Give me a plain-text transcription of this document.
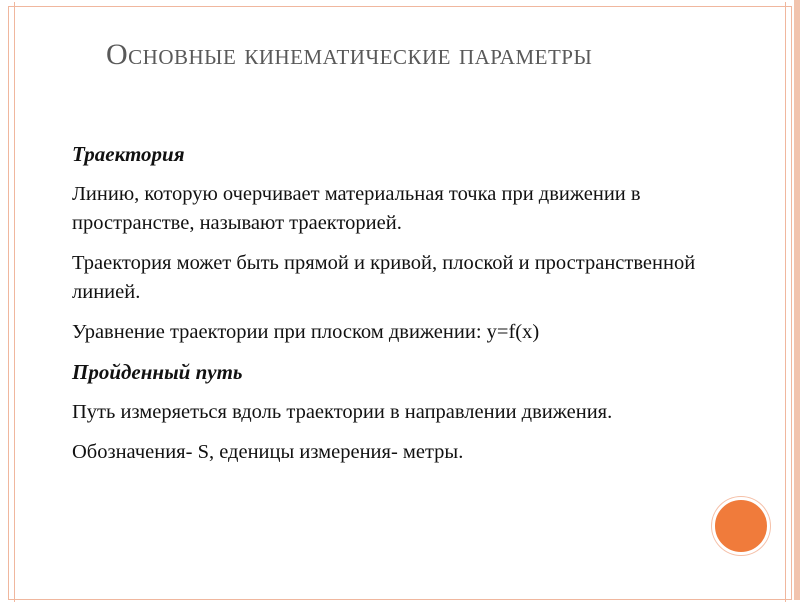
Основные кинематические параметры
Траектория
Линию, которую очерчивает материальная точка при движении в пространстве, называют траекторией.
Траектория может быть прямой и кривой, плоской и пространственной линией.
Уравнение траектории при плоском движении: y=f(x)
Пройденный путь
Путь измеряеться вдоль траектории в направлении движения.
Обозначения- S, еденицы измерения- метры.
